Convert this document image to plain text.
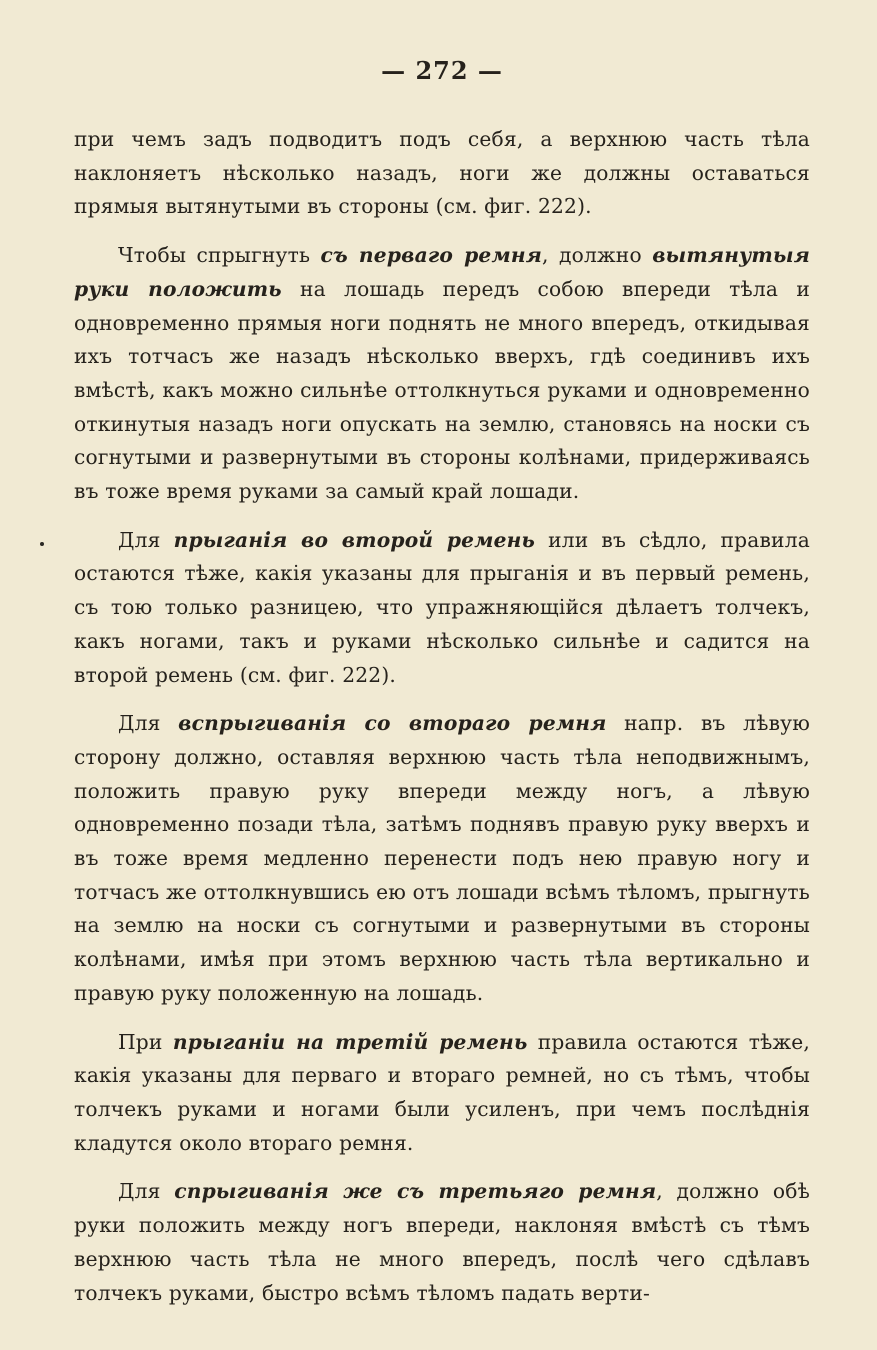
— 272 —

при чемъ задъ подводитъ подъ себя, а верхнюю часть тѣла наклоняетъ нѣсколько назадъ, ноги же должны оставаться прямыя вытянутыми въ стороны (см. фиг. 222).

Чтобы спрыгнуть съ перваго ремня, должно вытянутыя руки положить на лошадь передъ собою впереди тѣла и одновременно прямыя ноги поднять не много впередъ, откидывая ихъ тотчасъ же назадъ нѣсколько вверхъ, гдѣ соединивъ ихъ вмѣстѣ, какъ можно сильнѣе оттолкнуться руками и одновременно откинутыя назадъ ноги опускать на землю, становясь на носки съ согнутыми и развернутыми въ стороны колѣнами, придерживаясь въ тоже время руками за самый край лошади.

Для прыганія во второй ремень или въ сѣдло, правила остаются тѣже, какія указаны для прыганія и въ первый ремень, съ тою только разницею, что упражняющійся дѣлаетъ толчекъ, какъ ногами, такъ и руками нѣсколько сильнѣе и садится на второй ремень (см. фиг. 222).

Для вспрыгиванія со втораго ремня напр. въ лѣвую сторону должно, оставляя верхнюю часть тѣла неподвижнымъ, положить правую руку впереди между ногъ, а лѣвую одновременно позади тѣла, затѣмъ поднявъ правую руку вверхъ и въ тоже время медленно перенести подъ нею правую ногу и тотчасъ же оттолкнувшись ею отъ лошади всѣмъ тѣломъ, прыгнуть на землю на носки съ согнутыми и развернутыми въ стороны колѣнами, имѣя при этомъ верхнюю часть тѣла вертикально и правую руку положенную на лошадь.

При прыганіи на третій ремень правила остаются тѣже, какія указаны для перваго и втораго ремней, но съ тѣмъ, чтобы толчекъ руками и ногами были усиленъ, при чемъ послѣднія кладутся около втораго ремня.

Для спрыгиванія же съ третьяго ремня, должно обѣ руки положить между ногъ впереди, наклоняя вмѣстѣ съ тѣмъ верхнюю часть тѣла не много впередъ, послѣ чего сдѣлавъ толчекъ руками, быстро всѣмъ тѣломъ падать верти-
